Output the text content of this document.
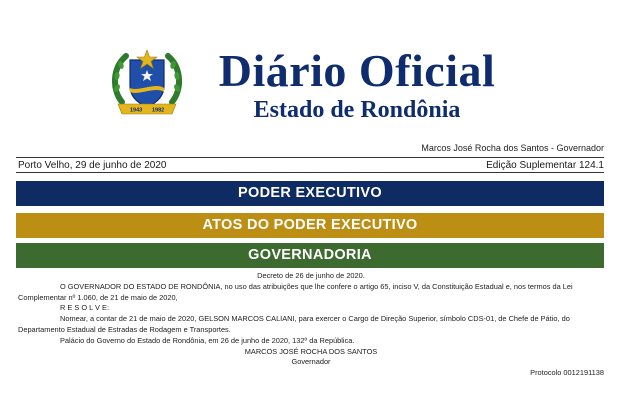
1943 1982
Diário Oficial
Estado de Rondônia
Marcos José Rocha dos Santos - Governador
Porto Velho, 29 de junho de 2020	Edição Suplementar 124.1
PODER EXECUTIVO
ATOS DO PODER EXECUTIVO
GOVERNADORIA

Decreto de 26 de junho de 2020.

O GOVERNADOR DO ESTADO DE RONDÔNIA, no uso das atribuições que lhe confere o artigo 65, inciso V, da Constituição Estadual e, nos termos da Lei Complementar nº 1.060, de 21 de maio de 2020,

R E S O L V E:

Nomear, a contar de 21 de maio de 2020, GELSON MARCOS CALIANI, para exercer o Cargo de Direção Superior, símbolo CDS-01, de Chefe de Pátio, do Departamento Estadual de Estradas de Rodagem e Transportes.

Palácio do Governo do Estado de Rondônia, em 26 de junho de 2020, 132º da República.

MARCOS JOSÉ ROCHA DOS SANTOS

Governador

Protocolo 0012191138
